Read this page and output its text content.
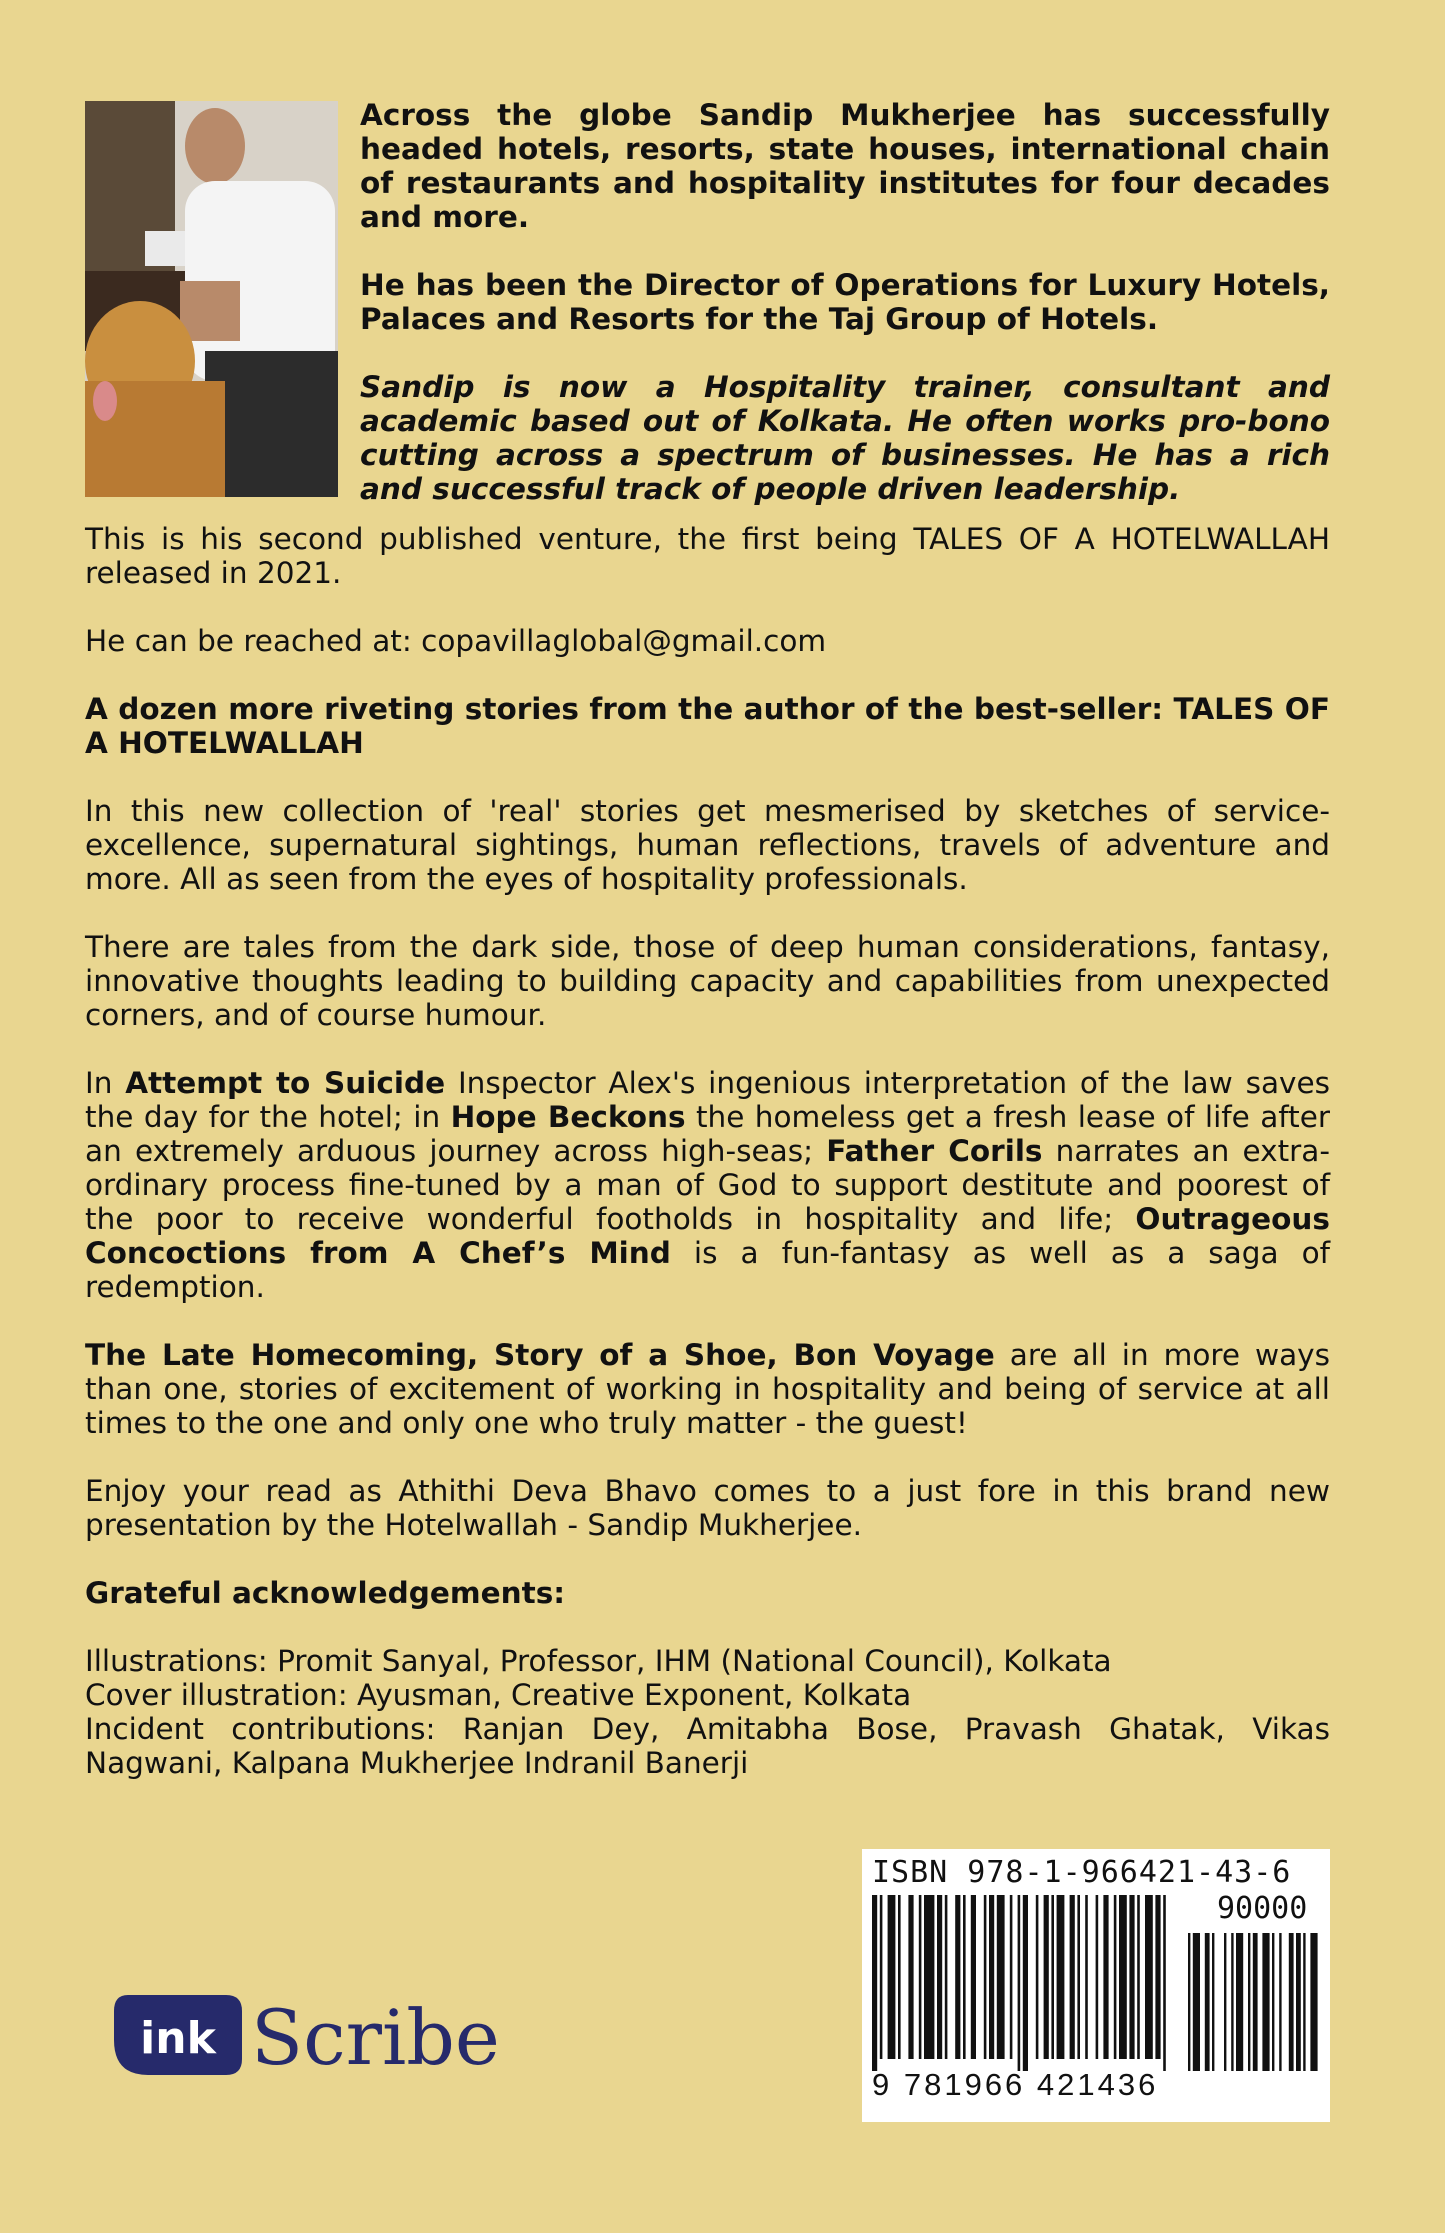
Across the globe Sandip Mukherjee has successfully headed hotels, resorts, state houses, international chain of restaurants and hospitality institutes for four decades and more.

He has been the Director of Operations for Luxury Hotels, Palaces and Resorts for the Taj Group of Hotels.

Sandip is now a Hospitality trainer, consultant and academic based out of Kolkata. He often works pro-bono cutting across a spectrum of businesses. He has a rich and successful track of people driven leadership.

This is his second published venture, the first being TALES OF A HOTELWALLAH released in 2021.

He can be reached at: copavillaglobal@gmail.com

A dozen more riveting stories from the author of the best-seller: TALES OF A HOTELWALLAH

In this new collection of 'real' stories get mesmerised by sketches of service-excellence, supernatural sightings, human reflections, travels of adventure and more. All as seen from the eyes of hospitality professionals.

There are tales from the dark side, those of deep human considerations, fantasy, innovative thoughts leading to building capacity and capabilities from unexpected corners, and of course humour.

In Attempt to Suicide Inspector Alex's ingenious interpretation of the law saves the day for the hotel; in Hope Beckons the homeless get a fresh lease of life after an extremely arduous journey across high-seas; Father Corils narrates an extra-ordinary process fine-tuned by a man of God to support destitute and poorest of the poor to receive wonderful footholds in hospitality and life; Outrageous Concoctions from A Chef’s Mind is a fun-fantasy as well as a saga of redemption.

The Late Homecoming, Story of a Shoe, Bon Voyage are all in more ways than one, stories of excitement of working in hospitality and being of service at all times to the one and only one who truly matter - the guest!

Enjoy your read as Athithi Deva Bhavo comes to a just fore in this brand new presentation by the Hotelwallah - Sandip Mukherjee.

Grateful acknowledgements:

Illustrations: Promit Sanyal, Professor, IHM (National Council), Kolkata

Cover illustration: Ayusman, Creative Exponent, Kolkata

Incident contributions: Ranjan Dey, Amitabha Bose, Pravash Ghatak, Vikas Nagwani, Kalpana Mukherjee Indranil Banerji

ISBN 978-1-966421-43-6
90000
9 781966 421436
ink Scribe
